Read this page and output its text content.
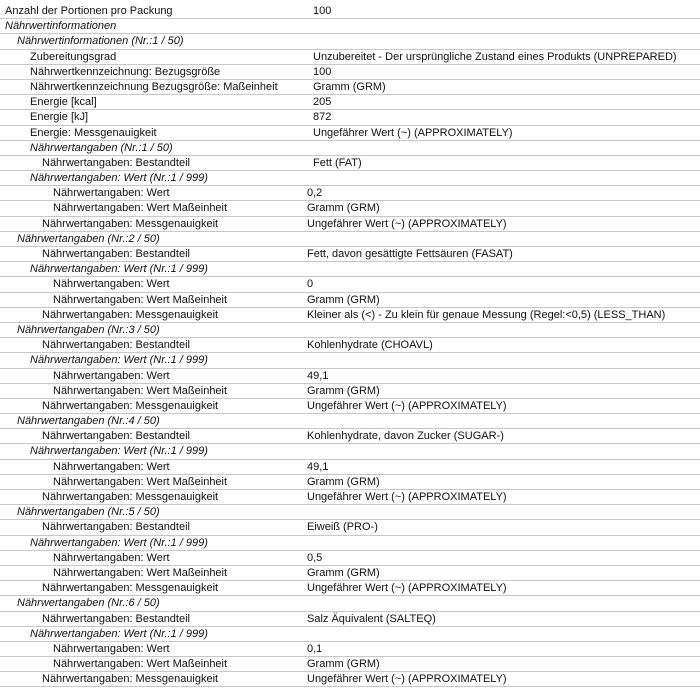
Anzahl der Portionen pro Packung	100
Nährwertinformationen
Nährwertinformationen (Nr.:1 / 50)
Zubereitungsgrad	Unzubereitet - Der ursprüngliche Zustand eines Produkts (UNPREPARED)
Nährwertkennzeichnung: Bezugsgröße	100
Nährwertkennzeichnung Bezugsgröße: Maßeinheit	Gramm (GRM)
Energie [kcal]	205
Energie [kJ]	872
Energie: Messgenauigkeit	Ungefährer Wert (~) (APPROXIMATELY)
Nährwertangaben (Nr.:1 / 50)
Nährwertangaben: Bestandteil	Fett (FAT)
Nährwertangaben: Wert (Nr.:1 / 999)
Nährwertangaben: Wert	0,2
Nährwertangaben: Wert Maßeinheit	Gramm (GRM)
Nährwertangaben: Messgenauigkeit	Ungefährer Wert (~) (APPROXIMATELY)
Nährwertangaben (Nr.:2 / 50)
Nährwertangaben: Bestandteil	Fett, davon gesättigte Fettsäuren (FASAT)
Nährwertangaben: Wert (Nr.:1 / 999)
Nährwertangaben: Wert	0
Nährwertangaben: Wert Maßeinheit	Gramm (GRM)
Nährwertangaben: Messgenauigkeit	Kleiner als (<) - Zu klein für genaue Messung (Regel:<0,5) (LESS_THAN)
Nährwertangaben (Nr.:3 / 50)
Nährwertangaben: Bestandteil	Kohlenhydrate (CHOAVL)
Nährwertangaben: Wert (Nr.:1 / 999)
Nährwertangaben: Wert	49,1
Nährwertangaben: Wert Maßeinheit	Gramm (GRM)
Nährwertangaben: Messgenauigkeit	Ungefährer Wert (~) (APPROXIMATELY)
Nährwertangaben (Nr.:4 / 50)
Nährwertangaben: Bestandteil	Kohlenhydrate, davon Zucker (SUGAR-)
Nährwertangaben: Wert (Nr.:1 / 999)
Nährwertangaben: Wert	49,1
Nährwertangaben: Wert Maßeinheit	Gramm (GRM)
Nährwertangaben: Messgenauigkeit	Ungefährer Wert (~) (APPROXIMATELY)
Nährwertangaben (Nr.:5 / 50)
Nährwertangaben: Bestandteil	Eiweiß (PRO-)
Nährwertangaben: Wert (Nr.:1 / 999)
Nährwertangaben: Wert	0,5
Nährwertangaben: Wert Maßeinheit	Gramm (GRM)
Nährwertangaben: Messgenauigkeit	Ungefährer Wert (~) (APPROXIMATELY)
Nährwertangaben (Nr.:6 / 50)
Nährwertangaben: Bestandteil	Salz Äquivalent (SALTEQ)
Nährwertangaben: Wert (Nr.:1 / 999)
Nährwertangaben: Wert	0,1
Nährwertangaben: Wert Maßeinheit	Gramm (GRM)
Nährwertangaben: Messgenauigkeit	Ungefährer Wert (~) (APPROXIMATELY)
